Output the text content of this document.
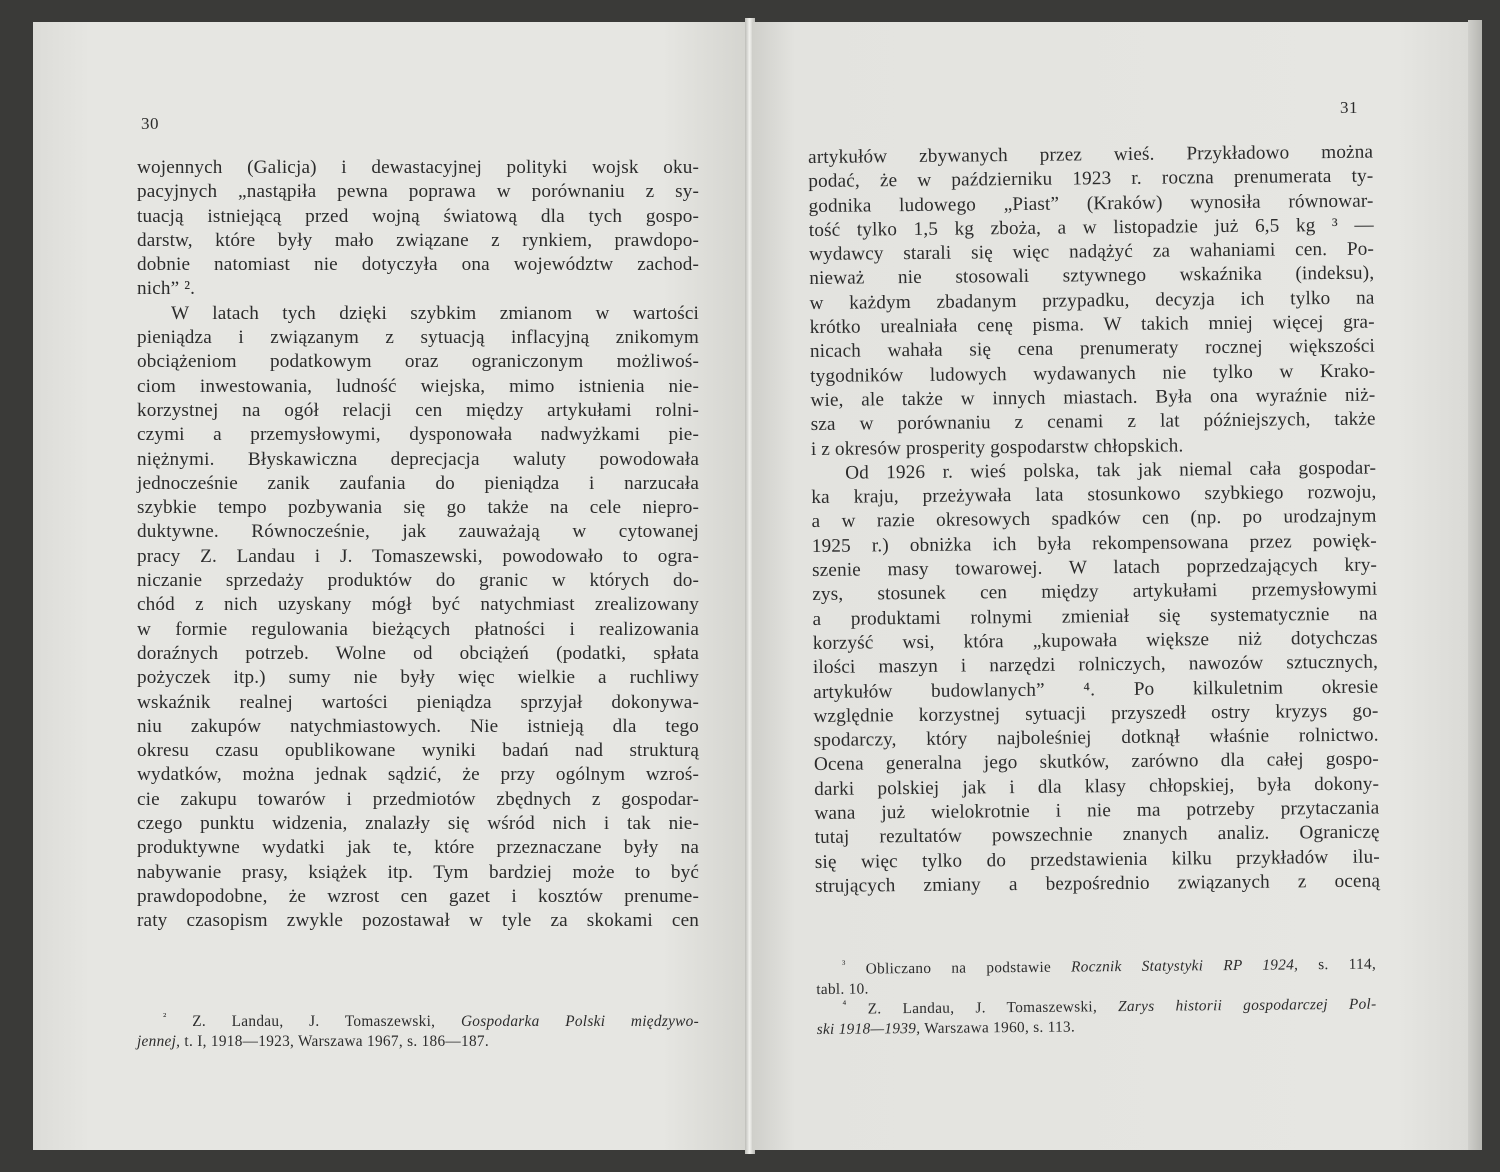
30
wojennych (Galicja) i dewastacyjnej polityki wojsk oku-
pacyjnych „nastąpiła pewna poprawa w porównaniu z sy-
tuacją istniejącą przed wojną światową dla tych gospo-
darstw, które były mało związane z rynkiem, prawdopo-
dobnie natomiast nie dotyczyła ona województw zachod-
nich” ².
W latach tych dzięki szybkim zmianom w wartości
pieniądza i związanym z sytuacją inflacyjną znikomym
obciążeniom podatkowym oraz ograniczonym możliwoś-
ciom inwestowania, ludność wiejska, mimo istnienia nie-
korzystnej na ogół relacji cen między artykułami rolni-
czymi a przemysłowymi, dysponowała nadwyżkami pie-
niężnymi. Błyskawiczna deprecjacja waluty powodowała
jednocześnie zanik zaufania do pieniądza i narzucała
szybkie tempo pozbywania się go także na cele niepro-
duktywne. Równocześnie, jak zauważają w cytowanej
pracy Z. Landau i J. Tomaszewski, powodowało to ogra-
niczanie sprzedaży produktów do granic w których do-
chód z nich uzyskany mógł być natychmiast zrealizowany
w formie regulowania bieżących płatności i realizowania
doraźnych potrzeb. Wolne od obciążeń (podatki, spłata
pożyczek itp.) sumy nie były więc wielkie a ruchliwy
wskaźnik realnej wartości pieniądza sprzyjał dokonywa-
niu zakupów natychmiastowych. Nie istnieją dla tego
okresu czasu opublikowane wyniki badań nad strukturą
wydatków, można jednak sądzić, że przy ogólnym wzroś-
cie zakupu towarów i przedmiotów zbędnych z gospodar-
czego punktu widzenia, znalazły się wśród nich i tak nie-
produktywne wydatki jak te, które przeznaczane były na
nabywanie prasy, książek itp. Tym bardziej może to być
prawdopodobne, że wzrost cen gazet i kosztów prenume-
raty czasopism zwykle pozostawał w tyle za skokami cen
$^{^2}$ Z. Landau, J. Tomaszewski, Gospodarka Polski międzywo-
jennej, t. I, 1918—1923, Warszawa 1967, s. 186—187.
31
artykułów zbywanych przez wieś. Przykładowo można
podać, że w październiku 1923 r. roczna prenumerata ty-
godnika ludowego „Piast” (Kraków) wynosiła równowar-
tość tylko 1,5 kg zboża, a w listopadzie już 6,5 kg ³ —
wydawcy starali się więc nadążyć za wahaniami cen. Po-
nieważ nie stosowali sztywnego wskaźnika (indeksu),
w każdym zbadanym przypadku, decyzja ich tylko na
krótko urealniała cenę pisma. W takich mniej więcej gra-
nicach wahała się cena prenumeraty rocznej większości
tygodników ludowych wydawanych nie tylko w Krako-
wie, ale także w innych miastach. Była ona wyraźnie niż-
sza w porównaniu z cenami z lat późniejszych, także
i z okresów prosperity gospodarstw chłopskich.
Od 1926 r. wieś polska, tak jak niemal cała gospodar-
ka kraju, przeżywała lata stosunkowo szybkiego rozwoju,
a w razie okresowych spadków cen (np. po urodzajnym
1925 r.) obniżka ich była rekompensowana przez powięk-
szenie masy towarowej. W latach poprzedzających kry-
zys, stosunek cen między artykułami przemysłowymi
a produktami rolnymi zmieniał się systematycznie na
korzyść wsi, która „kupowała większe niż dotychczas
ilości maszyn i narzędzi rolniczych, nawozów sztucznych,
artykułów budowlanych” ⁴. Po kilkuletnim okresie
względnie korzystnej sytuacji przyszedł ostry kryzys go-
spodarczy, który najboleśniej dotknął właśnie rolnictwo.
Ocena generalna jego skutków, zarówno dla całej gospo-
darki polskiej jak i dla klasy chłopskiej, była dokony-
wana już wielokrotnie i nie ma potrzeby przytaczania
tutaj rezultatów powszechnie znanych analiz. Ograniczę
się więc tylko do przedstawienia kilku przykładów ilu-
strujących zmiany a bezpośrednio związanych z oceną
$^{^3}$ Obliczano na podstawie Rocznik Statystyki RP 1924, s. 114,
tabl. 10.
$^{^4}$ Z. Landau, J. Tomaszewski, Zarys historii gospodarczej Pol-
ski 1918—1939, Warszawa 1960, s. 113.
